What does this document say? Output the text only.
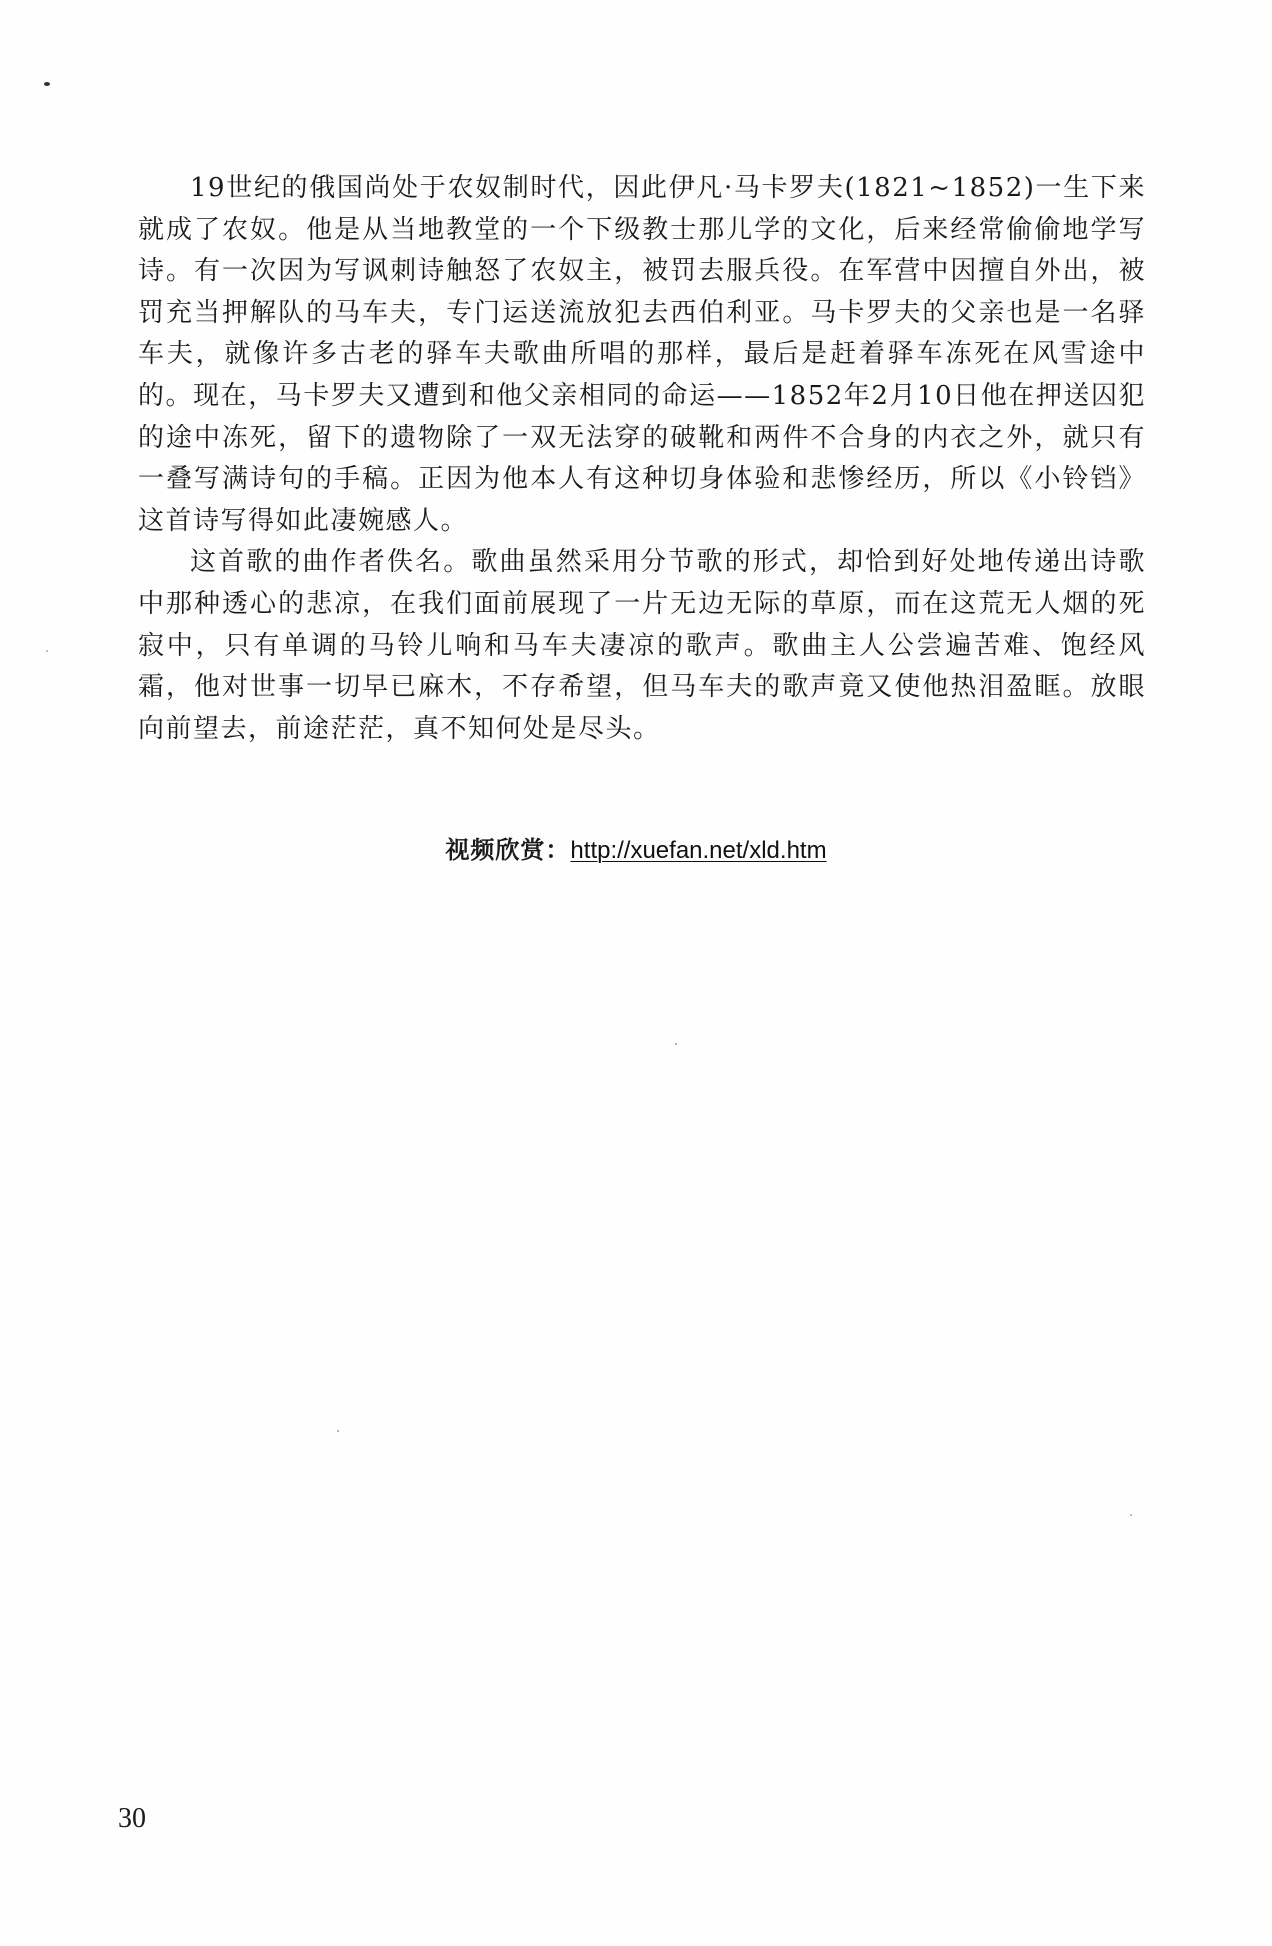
19世纪的俄国尚处于农奴制时代，因此伊凡·马卡罗夫(1821~1852)一生下来就成了农奴。他是从当地教堂的一个下级教士那儿学的文化，后来经常偷偷地学写诗。有一次因为写讽刺诗触怒了农奴主，被罚去服兵役。在军营中因擅自外出，被罚充当押解队的马车夫，专门运送流放犯去西伯利亚。马卡罗夫的父亲也是一名驿车夫，就像许多古老的驿车夫歌曲所唱的那样，最后是赶着驿车冻死在风雪途中的。现在，马卡罗夫又遭到和他父亲相同的命运——1852年2月10日他在押送囚犯的途中冻死，留下的遗物除了一双无法穿的破靴和两件不合身的内衣之外，就只有一叠写满诗句的手稿。正因为他本人有这种切身体验和悲惨经历，所以《小铃铛》这首诗写得如此凄婉感人。

这首歌的曲作者佚名。歌曲虽然采用分节歌的形式，却恰到好处地传递出诗歌中那种透心的悲凉，在我们面前展现了一片无边无际的草原，而在这荒无人烟的死寂中，只有单调的马铃儿响和马车夫凄凉的歌声。歌曲主人公尝遍苦难、饱经风霜，他对世事一切早已麻木，不存希望，但马车夫的歌声竟又使他热泪盈眶。放眼向前望去，前途茫茫，真不知何处是尽头。

视频欣赏：http://xuefan.net/xld.htm
30
